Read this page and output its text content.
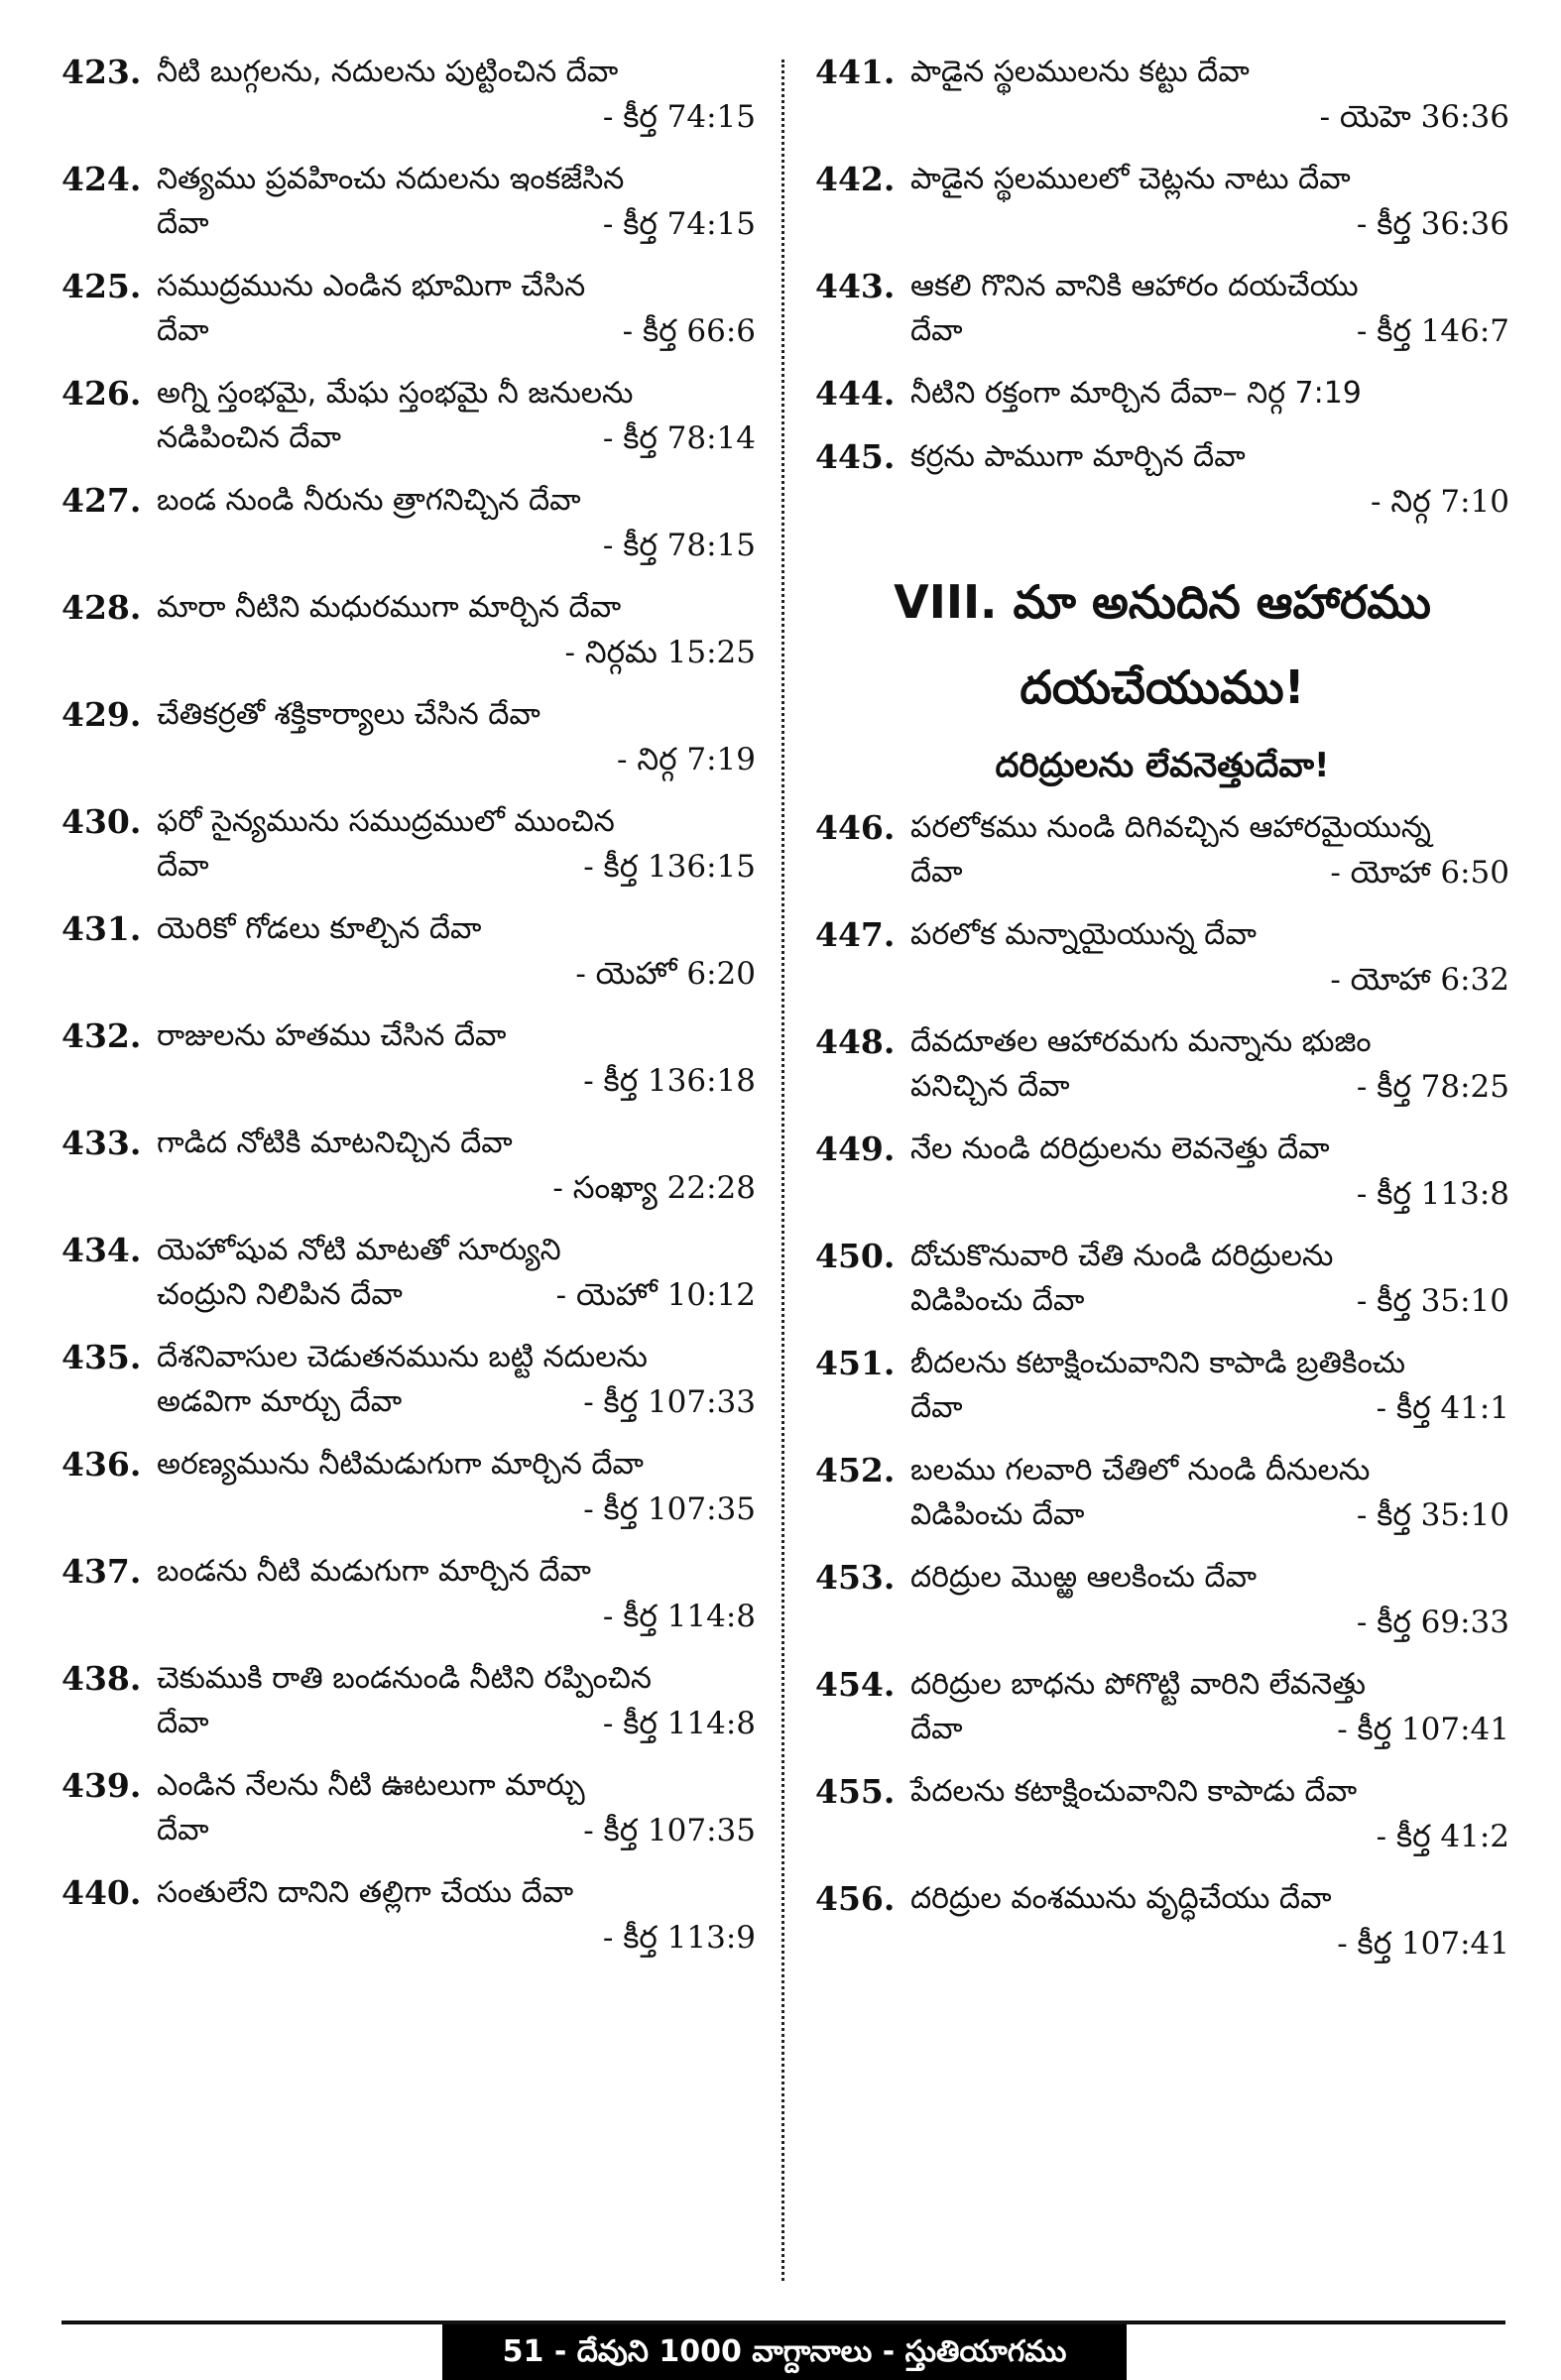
423. నీటి బుగ్గలను, నదులను పుట్టించిన దేవా
- కీర్త 74:15
424. నిత్యము ప్రవహించు నదులను ఇంకజేసిన
దేవా	- కీర్త 74:15
425. సముద్రమును ఎండిన భూమిగా చేసిన
దేవా	- కీర్త 66:6
426. అగ్ని స్తంభమై, మేఘ స్తంభమై నీ జనులను
నడిపించిన దేవా	- కీర్త 78:14
427. బండ నుండి నీరును త్రాగనిచ్చిన దేవా
- కీర్త 78:15
428. మారా నీటిని మధురముగా మార్చిన దేవా
- నిర్గమ 15:25
429. చేతికర్రతో శక్తికార్యాలు చేసిన దేవా
- నిర్గ 7:19
430. ఫరో సైన్యమును సముద్రములో ముంచిన
దేవా	- కీర్త 136:15
431. యెరికో గోడలు కూల్చిన దేవా
- యెహో 6:20
432. రాజులను హతము చేసిన దేవా
- కీర్త 136:18
433. గాడిద నోటికి మాటనిచ్చిన దేవా
- సంఖ్యా 22:28
434. యెహోషువ నోటి మాటతో సూర్యుని
చంద్రుని నిలిపిన దేవా	- యెహో 10:12
435. దేశనివాసుల చెడుతనమును బట్టి నదులను
అడవిగా మార్చు దేవా	- కీర్త 107:33
436. అరణ్యమును నీటిమడుగుగా మార్చిన దేవా
- కీర్త 107:35
437. బండను నీటి మడుగుగా మార్చిన దేవా
- కీర్త 114:8
438. చెకుముకి రాతి బండనుండి నీటిని రప్పించిన
దేవా	- కీర్త 114:8
439. ఎండిన నేలను నీటి ఊటలుగా మార్చు
దేవా	- కీర్త 107:35
440. సంతులేని దానిని తల్లిగా చేయు దేవా
- కీర్త 113:9
441. పాడైన స్థలములను కట్టు దేవా
- యెహె 36:36
442. పాడైన స్థలములలో చెట్లను నాటు దేవా
- కీర్త 36:36
443. ఆకలి గొనిన వానికి ఆహారం దయచేయు
దేవా	- కీర్త 146:7
444. నీటిని రక్తంగా మార్చిన దేవా– నిర్గ 7:19
445. కర్రను పాముగా మార్చిన దేవా
- నిర్గ 7:10
VIII. మా అనుదిన ఆహారము
దయచేయుము!
దరిద్రులను లేవనెత్తుదేవా!
446. పరలోకము నుండి దిగివచ్చిన ఆహారమైయున్న
దేవా	- యోహా 6:50
447. పరలోక మన్నాయైయున్న దేవా
- యోహా 6:32
448. దేవదూతల ఆహారమగు మన్నాను భుజిం
పనిచ్చిన దేవా	- కీర్త 78:25
449. నేల నుండి దరిద్రులను లెవనెత్తు దేవా
- కీర్త 113:8
450. దోచుకొనువారి చేతి నుండి దరిద్రులను
విడిపించు దేవా	- కీర్త 35:10
451. బీదలను కటాక్షించువానిని కాపాడి బ్రతికించు
దేవా	- కీర్త 41:1
452. బలము గలవారి చేతిలో నుండి దీనులను
విడిపించు దేవా	- కీర్త 35:10
453. దరిద్రుల మొఱ్ఱ ఆలకించు దేవా
- కీర్త 69:33
454. దరిద్రుల బాధను పోగొట్టి వారిని లేవనెత్తు
దేవా	- కీర్త 107:41
455. పేదలను కటాక్షించువానిని కాపాడు దేవా
- కీర్త 41:2
456. దరిద్రుల వంశమును వృద్ధిచేయు దేవా
- కీర్త 107:41
51 - దేవుని 1000 వాగ్దానాలు - స్తుతియాగము
